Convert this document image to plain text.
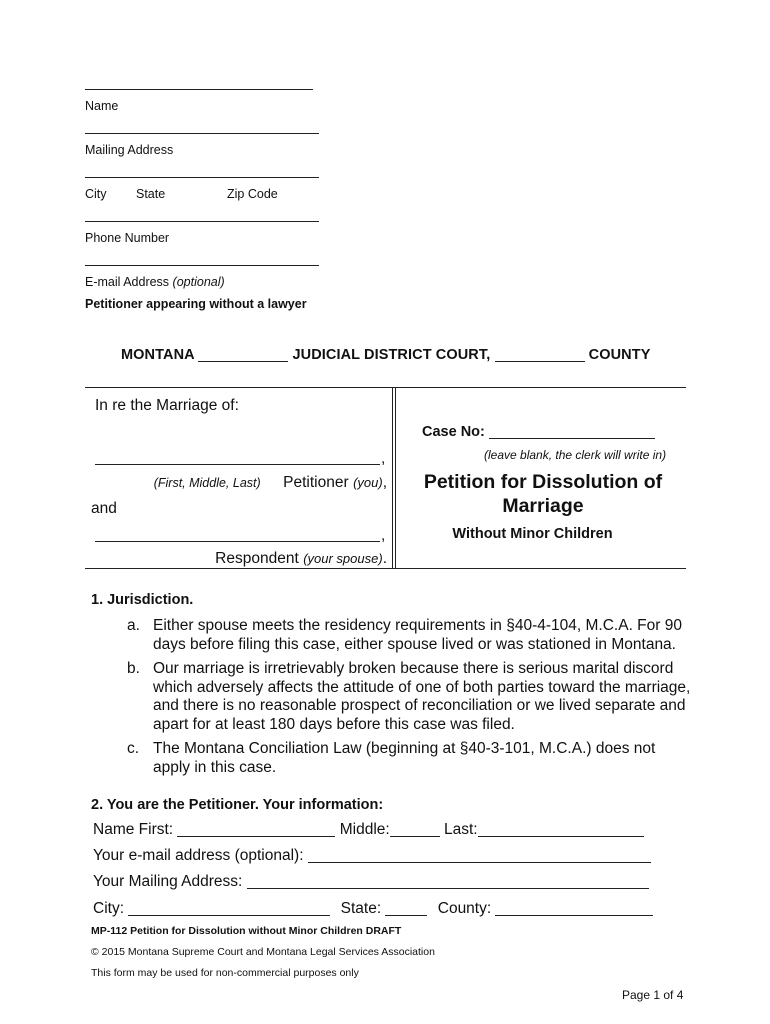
Name
Mailing Address
City State	Zip Code
Phone Number
E-mail Address (optional)
Petitioner appearing without a lawyer
MONTANA	JUDICIAL DISTRICT COURT,	COUNTY
In re the Marriage of:
,
(First, Middle, Last) Petitioner (you),
and
,
Respondent (your spouse).
Case No:
(leave blank, the clerk will write in)
Petition for Dissolution of
Marriage
Without Minor Children
1. Jurisdiction.
a. Either spouse meets the residency requirements in §40-4-104, M.C.A. For 90
days before filing this case, either spouse lived or was stationed in Montana.
b. Our marriage is irretrievably broken because there is serious marital discord
which adversely affects the attitude of one of both parties toward the marriage,
and there is no reasonable prospect of reconciliation or we lived separate and
apart for at least 180 days before this case was filed.
c. The Montana Conciliation Law (beginning at §40-3-101, M.C.A.) does not
apply in this case.
2. You are the Petitioner. Your information:
Name First:	Middle:	Last:
Your e-mail address (optional):
Your Mailing Address:
City:	State:	County:
MP-112 Petition for Dissolution without Minor Children DRAFT
© 2015 Montana Supreme Court and Montana Legal Services Association
This form may be used for non-commercial purposes only
Page 1 of 4
